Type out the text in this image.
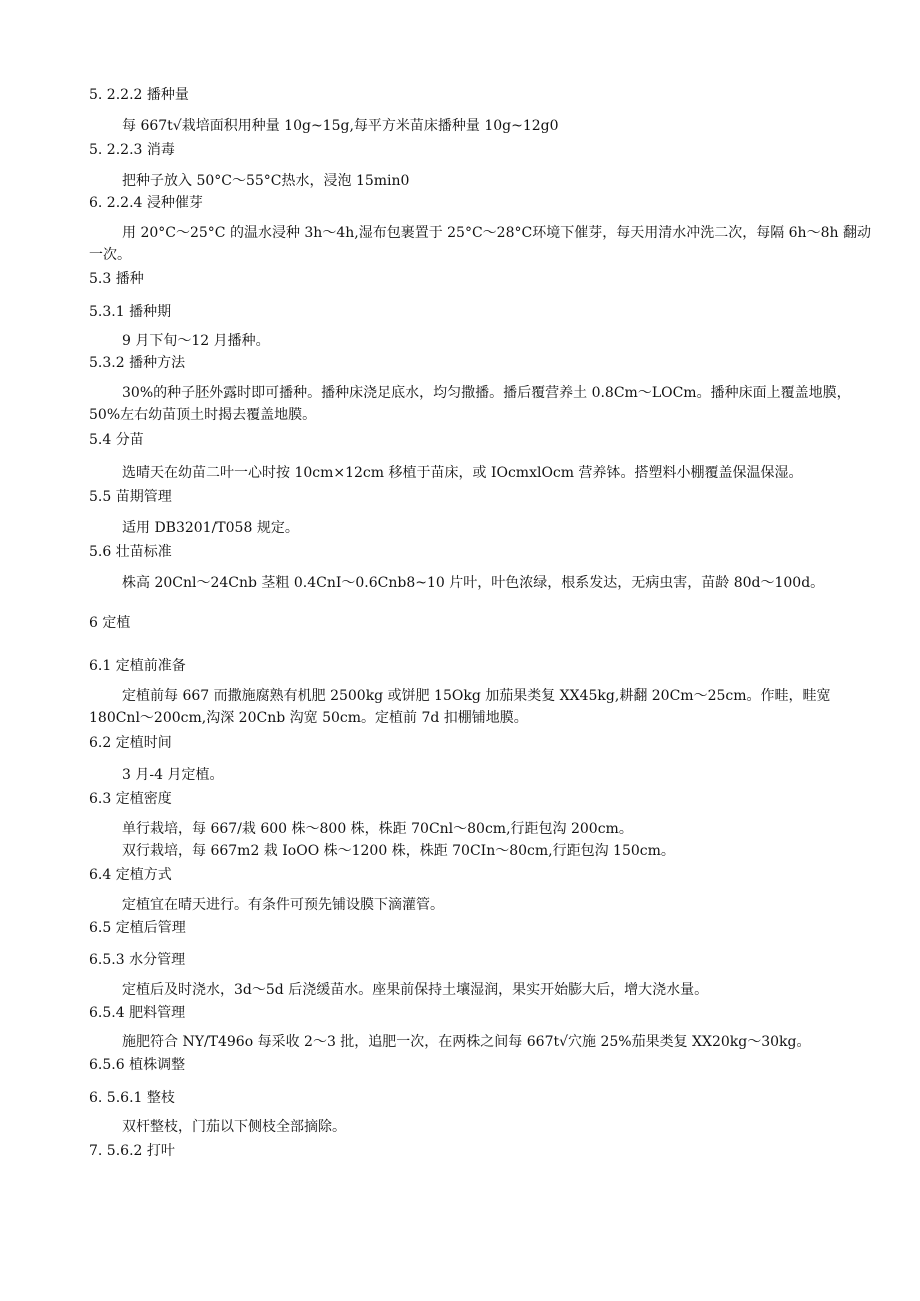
5. 2.2.2 播种量
每 667t√栽培面积用种量 10g~15g,每平方米苗床播种量 10g~12g0
5. 2.2.3 消毒
把种子放入 50°C～55°C热水，浸泡 15min0
6. 2.2.4 浸种催芽
用 20°C～25°C 的温水浸种 3h～4h,湿布包裹置于 25°C～28°C环境下催芽，每天用清水冲洗二次，每隔 6h～8h 翻动一次。
5.3 播种
5.3.1 播种期
9 月下旬～12 月播种。
5.3.2 播种方法
30%的种子胚外露时即可播种。播种床浇足底水，均匀撒播。播后覆营养土 0.8Cm～LOCm。播种床面上覆盖地膜，50%左右幼苗顶土时揭去覆盖地膜。
5.4 分苗
选晴天在幼苗二叶一心时按 10cm×12cm 移植于苗床，或 IOcmxlOcm 营养钵。搭塑料小棚覆盖保温保湿。
5.5 苗期管理
适用 DB3201/T058 规定。
5.6 壮苗标准
株高 20Cnl～24Cnb 茎粗 0.4CnI～0.6Cnb8~10 片叶，叶色浓绿，根系发达，无病虫害，苗龄 80d～100d。
6 定植
6.1 定植前准备
定植前每 667 而撒施腐熟有机肥 2500kg 或饼肥 15Okg 加茄果类复 XX45kg,耕翻 20Cm～25cm。作畦，畦宽 180Cnl～200cm,沟深 20Cnb 沟宽 50cm。定植前 7d 扣棚铺地膜。
6.2 定植时间
3 月-4 月定植。
6.3 定植密度
单行栽培，每 667/栽 600 株～800 株，株距 70Cnl～80cm,行距包沟 200cm。
双行栽培，每 667m2 栽 IoOO 株～1200 株，株距 70CIn～80cm,行距包沟 150cm。
6.4 定植方式
定植宜在晴天进行。有条件可预先铺设膜下滴灌管。
6.5 定植后管理
6.5.3 水分管理
定植后及时浇水，3d～5d 后浇缓苗水。座果前保持土壤湿润，果实开始膨大后，增大浇水量。
6.5.4 肥料管理
施肥符合 NY/T496o 每采收 2～3 批，追肥一次，在两株之间每 667t√穴施 25%茄果类复 XX20kg～30kg。
6.5.6 植株调整
6. 5.6.1 整枝
双杆整枝，门茄以下侧枝全部摘除。
7. 5.6.2 打叶
